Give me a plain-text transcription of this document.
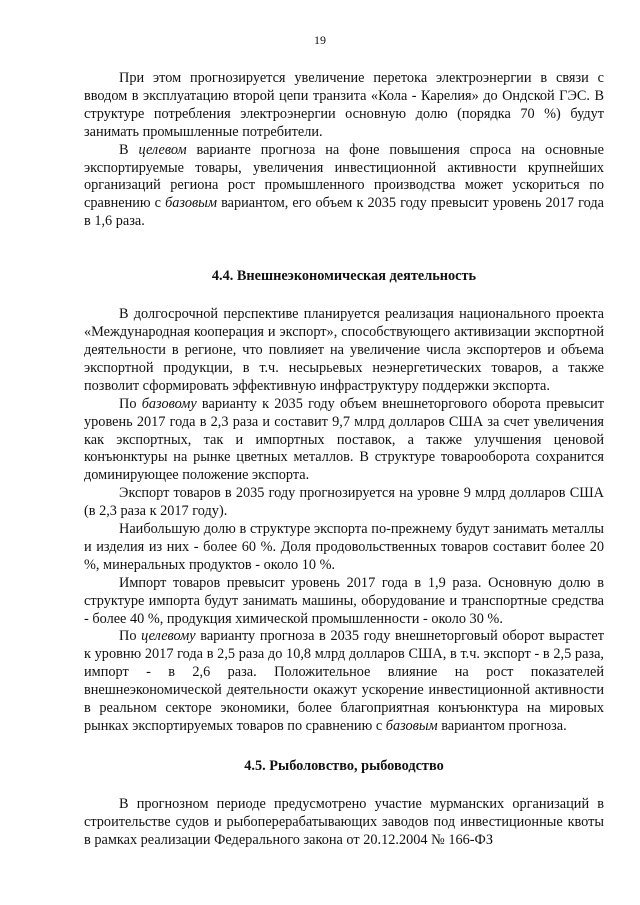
19

При этом прогнозируется увеличение перетока электроэнергии в связи с вводом в эксплуатацию второй цепи транзита «Кола - Карелия» до Ондской ГЭС. В структуре потребления электроэнергии основную долю (порядка 70 %) будут занимать промышленные потребители.

В целевом варианте прогноза на фоне повышения спроса на основные экспортируемые товары, увеличения инвестиционной активности крупнейших организаций региона рост промышленного производства может ускориться по сравнению с базовым вариантом, его объем к 2035 году превысит уровень 2017 года в 1,6 раза.

4.4. Внешнеэкономическая деятельность

В долгосрочной перспективе планируется реализация национального проекта «Международная кооперация и экспорт», способствующего активизации экспортной деятельности в регионе, что повлияет на увеличение числа экспортеров и объема экспортной продукции, в т.ч. несырьевых неэнергетических товаров, а также позволит сформировать эффективную инфраструктуру поддержки экспорта.

По базовому варианту к 2035 году объем внешнеторгового оборота превысит уровень 2017 года в 2,3 раза и составит 9,7 млрд долларов США за счет увеличения как экспортных, так и импортных поставок, а также улучшения ценовой конъюнктуры на рынке цветных металлов. В структуре товарооборота сохранится доминирующее положение экспорта.

Экспорт товаров в 2035 году прогнозируется на уровне 9 млрд долларов США (в 2,3 раза к 2017 году).

Наибольшую долю в структуре экспорта по-прежнему будут занимать металлы и изделия из них - более 60 %. Доля продовольственных товаров составит более 20 %, минеральных продуктов - около 10 %.

Импорт товаров превысит уровень 2017 года в 1,9 раза. Основную долю в структуре импорта будут занимать машины, оборудование и транспортные средства - более 40 %, продукция химической промышленности - около 30 %.

По целевому варианту прогноза в 2035 году внешнеторговый оборот вырастет к уровню 2017 года в 2,5 раза до 10,8 млрд долларов США, в т.ч. экспорт - в 2,5 раза, импорт - в 2,6 раза. Положительное влияние на рост показателей внешнеэкономической деятельности окажут ускорение инвестиционной активности в реальном секторе экономики, более благоприятная конъюнктура на мировых рынках экспортируемых товаров по сравнению с базовым вариантом прогноза.

4.5. Рыболовство, рыбоводство

В прогнозном периоде предусмотрено участие мурманских организаций в строительстве судов и рыбоперерабатывающих заводов под инвестиционные квоты в рамках реализации Федерального закона от 20.12.2004 № 166-ФЗ
